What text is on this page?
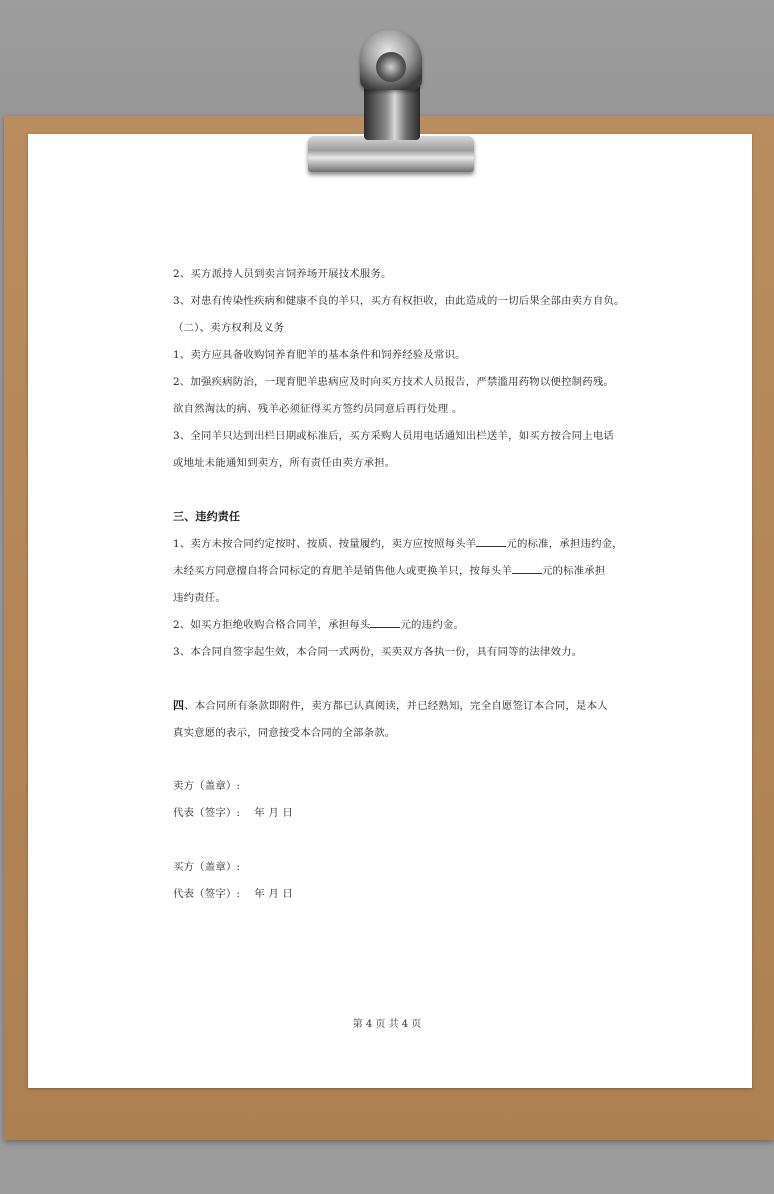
2、买方派持人员到卖言饲养场开展技术服务。
3、对患有传染性疾病和健康不良的羊只，买方有权拒收，由此造成的一切后果全部由卖方自负。
（二）、卖方权利及义务
1、卖方应具备收购饲养育肥羊的基本条件和饲养经验及常识。
2、加强疾病防治，一现育肥羊患病应及时向买方技术人员报告，严禁滥用药物以便控制药残。
欲自然淘汰的病、残羊必须征得买方签约员同意后再行处理 。
3、全同羊只达到出栏日期或标准后，买方采购人员用电话通知出栏送羊，如买方按合同上电话
或地址未能通知到卖方，所有责任由卖方承担。
三、违约责任
1、卖方未按合同约定按时、按质、按量履约，卖方应按照每头羊	元的标准，承担违约金，
未经买方同意擅自将合同标定的育肥羊是销售他人或更换羊只，按每头羊	元的标准承担
违约责任。
2、如买方拒绝收购合格合同羊，承担每头	元的违约金。
3、本合同自签字起生效，本合同一式两份，买卖双方各执一份，具有同等的法律效力。
四、本合同所有条款即附件，卖方都已认真阅读，并已经熟知，完全自愿签订本合同，是本人
真实意愿的表示，同意接受本合同的全部条款。
卖方（盖章）:
代表（签字）: 年 月 日
买方（盖章）:
代表（签字）: 年 月 日
第 4 页 共 4 页
